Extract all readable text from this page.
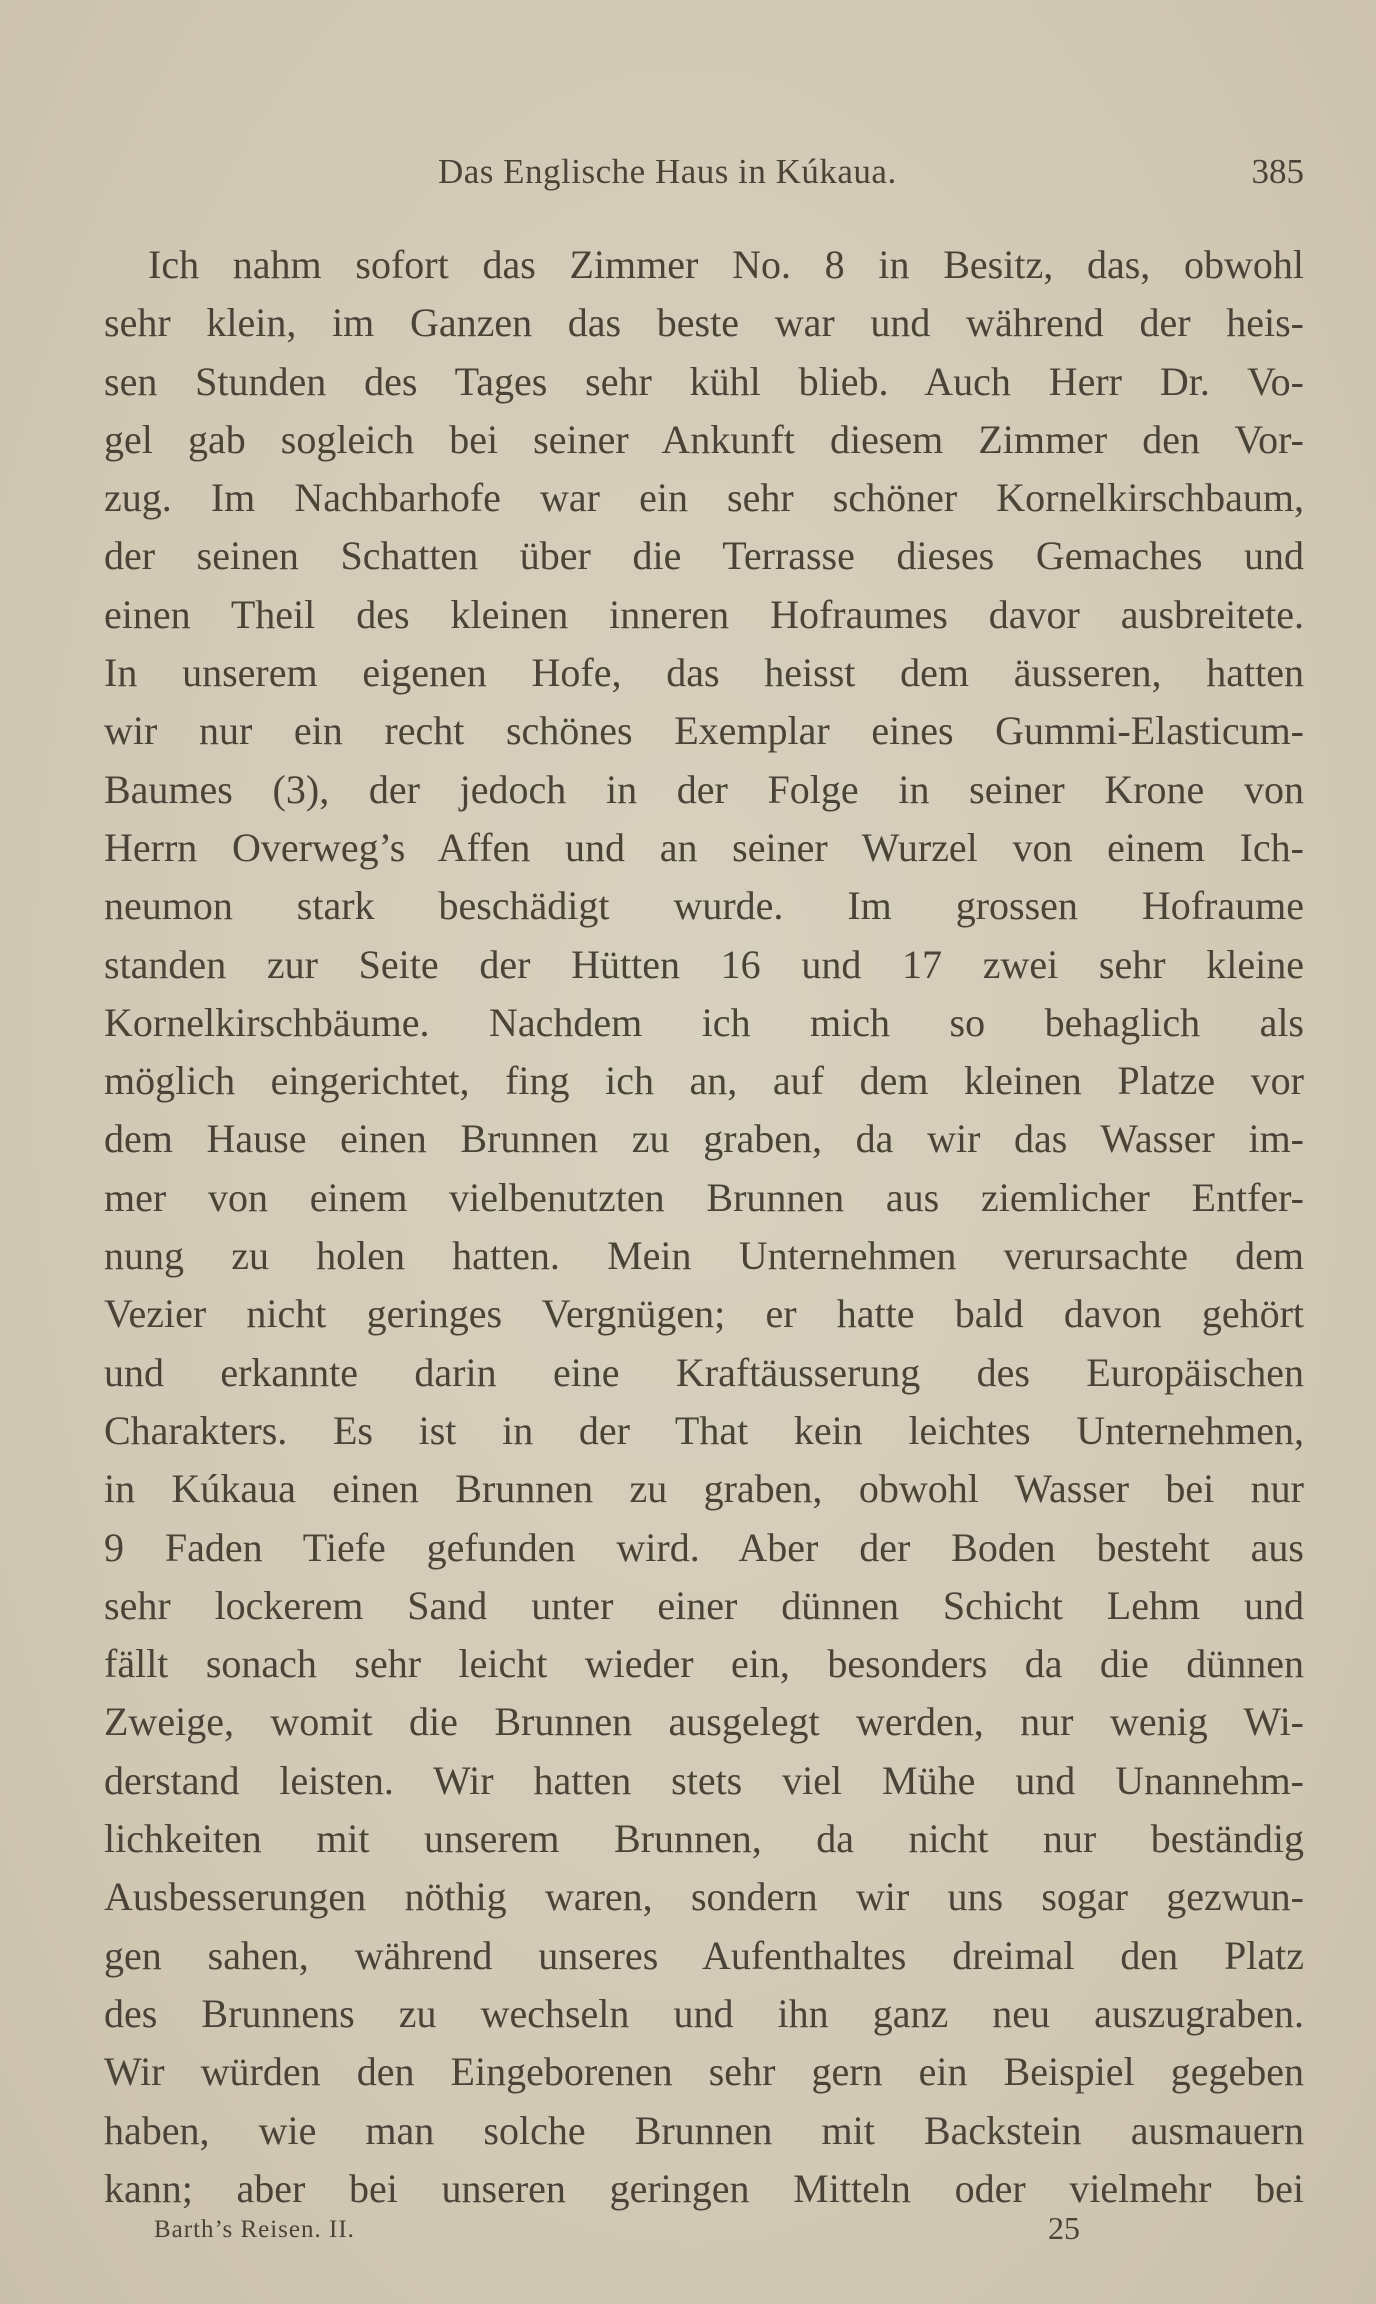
Das Englische Haus in Kúkaua.	385
Ich nahm sofort das Zimmer No. 8 in Besitz, das, obwohl
sehr klein, im Ganzen das beste war und während der heis-
sen Stunden des Tages sehr kühl blieb. Auch Herr Dr. Vo-
gel gab sogleich bei seiner Ankunft diesem Zimmer den Vor-
zug. Im Nachbarhofe war ein sehr schöner Kornelkirschbaum,
der seinen Schatten über die Terrasse dieses Gemaches und
einen Theil des kleinen inneren Hofraumes davor ausbreitete.
In unserem eigenen Hofe, das heisst dem äusseren, hatten
wir nur ein recht schönes Exemplar eines Gummi-Elasticum-
Baumes (3), der jedoch in der Folge in seiner Krone von
Herrn Overweg’s Affen und an seiner Wurzel von einem Ich-
neumon stark beschädigt wurde. Im grossen Hofraume
standen zur Seite der Hütten 16 und 17 zwei sehr kleine
Kornelkirschbäume. Nachdem ich mich so behaglich als
möglich eingerichtet, fing ich an, auf dem kleinen Platze vor
dem Hause einen Brunnen zu graben, da wir das Wasser im-
mer von einem vielbenutzten Brunnen aus ziemlicher Entfer-
nung zu holen hatten. Mein Unternehmen verursachte dem
Vezier nicht geringes Vergnügen; er hatte bald davon gehört
und erkannte darin eine Kraftäusserung des Europäischen
Charakters. Es ist in der That kein leichtes Unternehmen,
in Kúkaua einen Brunnen zu graben, obwohl Wasser bei nur
9 Faden Tiefe gefunden wird. Aber der Boden besteht aus
sehr lockerem Sand unter einer dünnen Schicht Lehm und
fällt sonach sehr leicht wieder ein, besonders da die dünnen
Zweige, womit die Brunnen ausgelegt werden, nur wenig Wi-
derstand leisten. Wir hatten stets viel Mühe und Unannehm-
lichkeiten mit unserem Brunnen, da nicht nur beständig
Ausbesserungen nöthig waren, sondern wir uns sogar gezwun-
gen sahen, während unseres Aufenthaltes dreimal den Platz
des Brunnens zu wechseln und ihn ganz neu auszugraben.
Wir würden den Eingeborenen sehr gern ein Beispiel gegeben
haben, wie man solche Brunnen mit Backstein ausmauern
kann; aber bei unseren geringen Mitteln oder vielmehr bei
Barth’s Reisen. II.	25
